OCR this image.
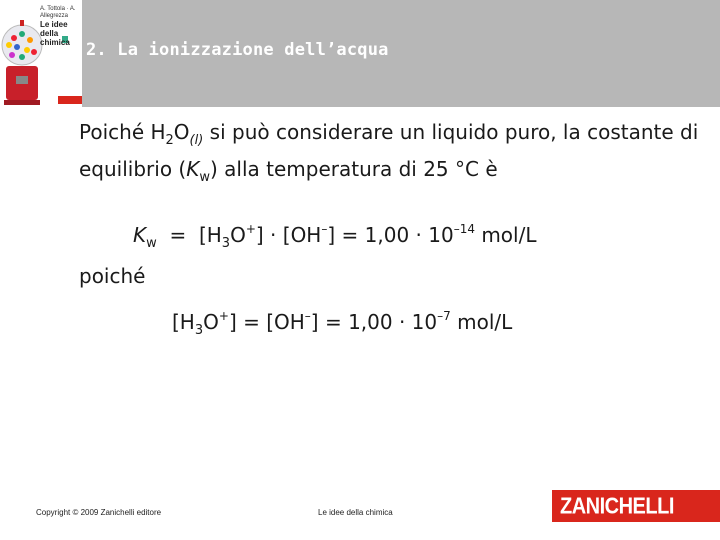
A. Tottola · A. Allegrezza
Le idee della
chimica 2. La ionizzazione dell’acqua
Poiché $H_2O_{(l)}$ si può considerare un liquido puro, la costante di equilibrio $(K_w)$ alla temperatura di 25 °C è
$K_w = [H_3O^+] \cdot [OH^-] = 1,00 \cdot 10^{-14}$ mol/L
poiché
$[H_3O^+] = [OH^-] = 1,00 \cdot 10^{-7}$ mol/L
Copyright © 2009 Zanichelli editore	Le idee della chimica	ZANICHELLI
